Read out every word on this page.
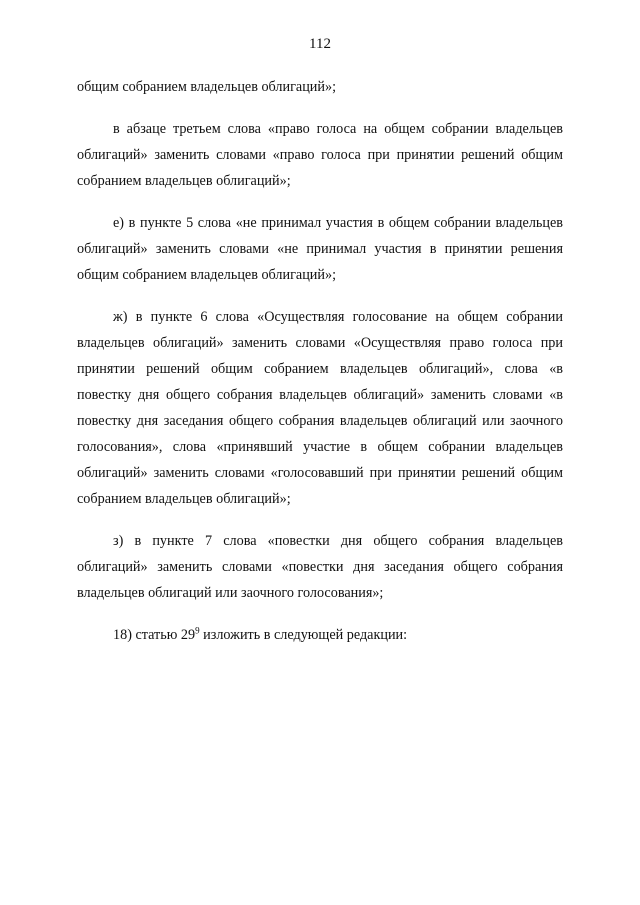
112

общим собранием владельцев облигаций»;

в абзаце третьем слова «право голоса на общем собрании владельцев облигаций» заменить словами «право голоса при принятии решений общим собранием владельцев облигаций»;

е) в пункте 5 слова «не принимал участия в общем собрании владельцев облигаций» заменить словами «не принимал участия в принятии решения общим собранием владельцев облигаций»;

ж) в пункте 6 слова «Осуществляя голосование на общем собрании владельцев облигаций» заменить словами «Осуществляя право голоса при принятии решений общим собранием владельцев облигаций», слова «в повестку дня общего собрания владельцев облигаций» заменить словами «в повестку дня заседания общего собрания владельцев облигаций или заочного голосования», слова «принявший участие в общем собрании владельцев облигаций» заменить словами «голосовавший при принятии решений общим собранием владельцев облигаций»;

з) в пункте 7 слова «повестки дня общего собрания владельцев облигаций» заменить словами «повестки дня заседания общего собрания владельцев облигаций или заочного голосования»;

18) статью $29^9$ изложить в следующей редакции:
